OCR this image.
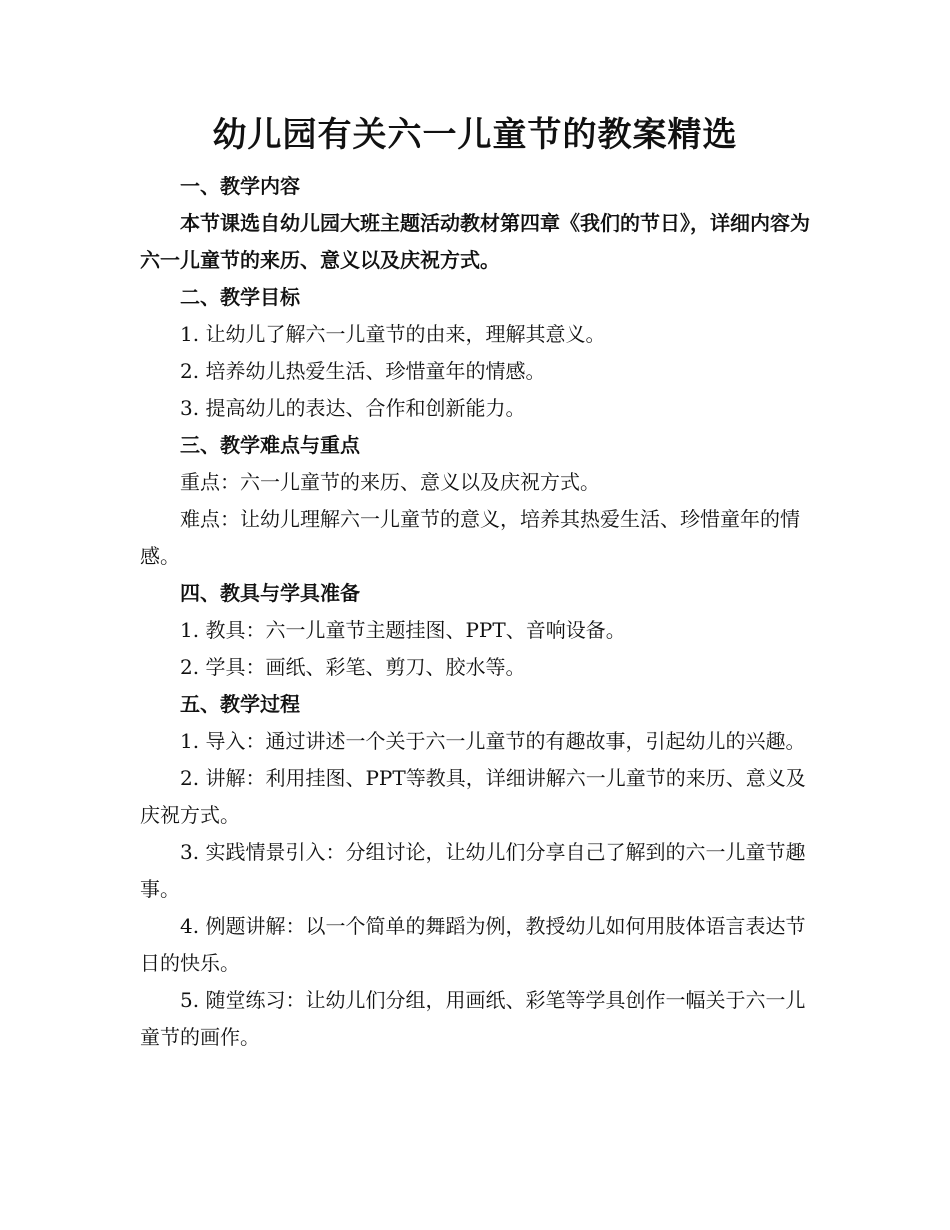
幼儿园有关六一儿童节的教案精选

一、教学内容

本节课选自幼儿园大班主题活动教材第四章《我们的节日》，详细内容为六一儿童节的来历、意义以及庆祝方式。

二、教学目标

1. 让幼儿了解六一儿童节的由来，理解其意义。

2. 培养幼儿热爱生活、珍惜童年的情感。

3. 提高幼儿的表达、合作和创新能力。

三、教学难点与重点

重点：六一儿童节的来历、意义以及庆祝方式。

难点：让幼儿理解六一儿童节的意义，培养其热爱生活、珍惜童年的情感。

四、教具与学具准备

1. 教具：六一儿童节主题挂图、PPT、音响设备。

2. 学具：画纸、彩笔、剪刀、胶水等。

五、教学过程

1. 导入：通过讲述一个关于六一儿童节的有趣故事，引起幼儿的兴趣。

2. 讲解：利用挂图、PPT等教具，详细讲解六一儿童节的来历、意义及庆祝方式。

3. 实践情景引入：分组讨论，让幼儿们分享自己了解到的六一儿童节趣事。

4. 例题讲解：以一个简单的舞蹈为例，教授幼儿如何用肢体语言表达节日的快乐。

5. 随堂练习：让幼儿们分组，用画纸、彩笔等学具创作一幅关于六一儿童节的画作。
